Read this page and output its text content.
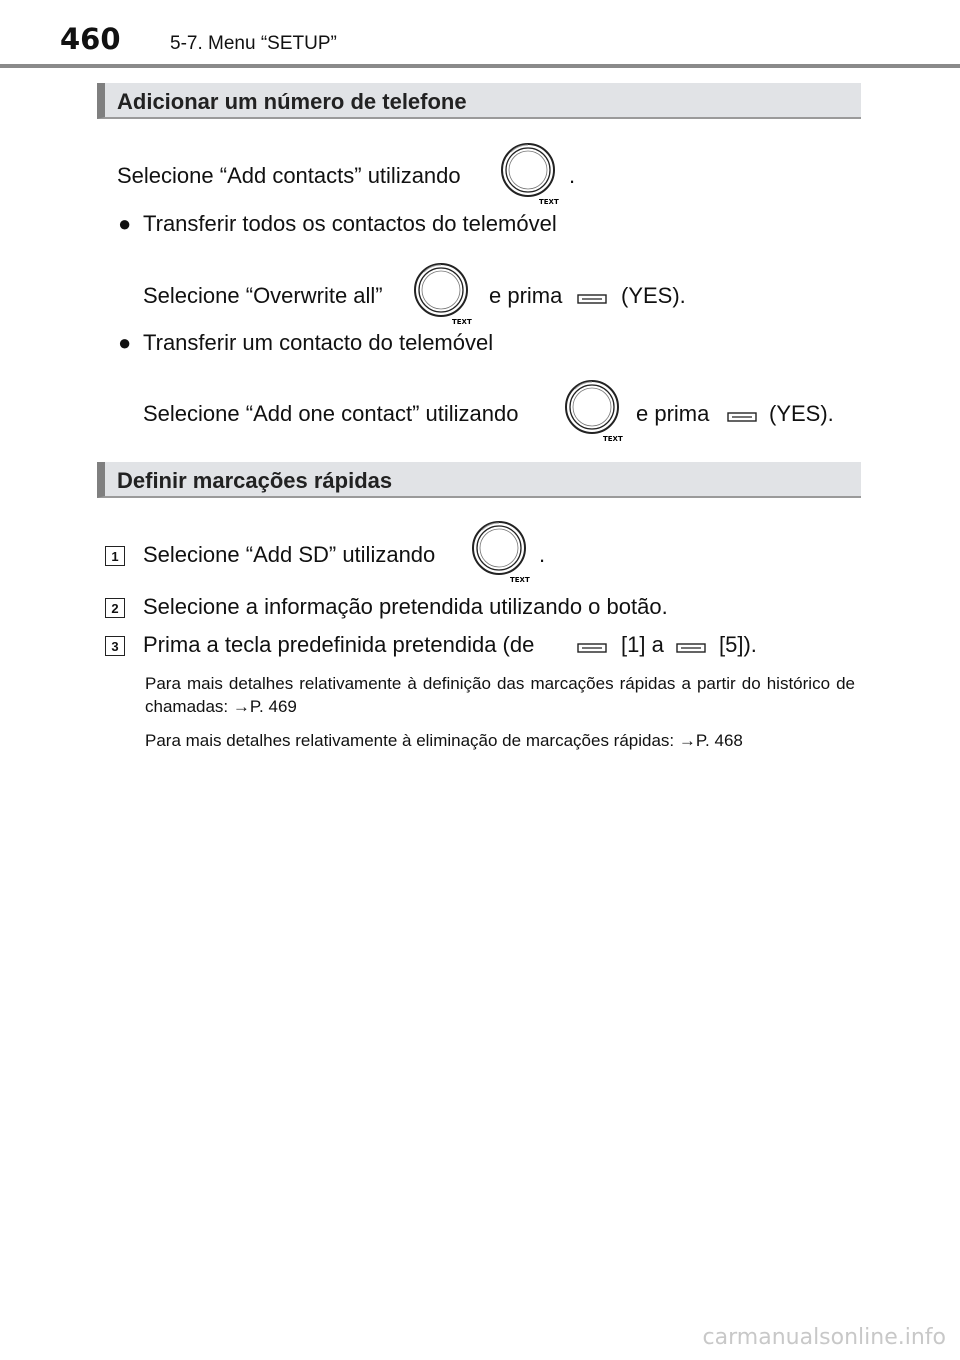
460	5-7. Menu “SETUP”
Adicionar um número de telefone
Selecione “Add contacts” utilizando
TEXT
.
● Transferir todos os contactos do telemóvel
Selecione “Overwrite all”
TEXT
e prima	(YES).
● Transferir um contacto do telemóvel
Selecione “Add one contact” utilizando
TEXT
e prima	(YES).
Definir marcações rápidas
1 Selecione “Add SD” utilizando
TEXT
.
2 Selecione a informação pretendida utilizando o botão.
3 Prima a tecla predefinida pretendida (de	[1] a	[5]).
Para mais detalhes relativamente à definição das marcações rápidas a partir do histórico de chamadas: →P. 469
Para mais detalhes relativamente à eliminação de marcações rápidas: →P. 468
carmanualsonline.info
